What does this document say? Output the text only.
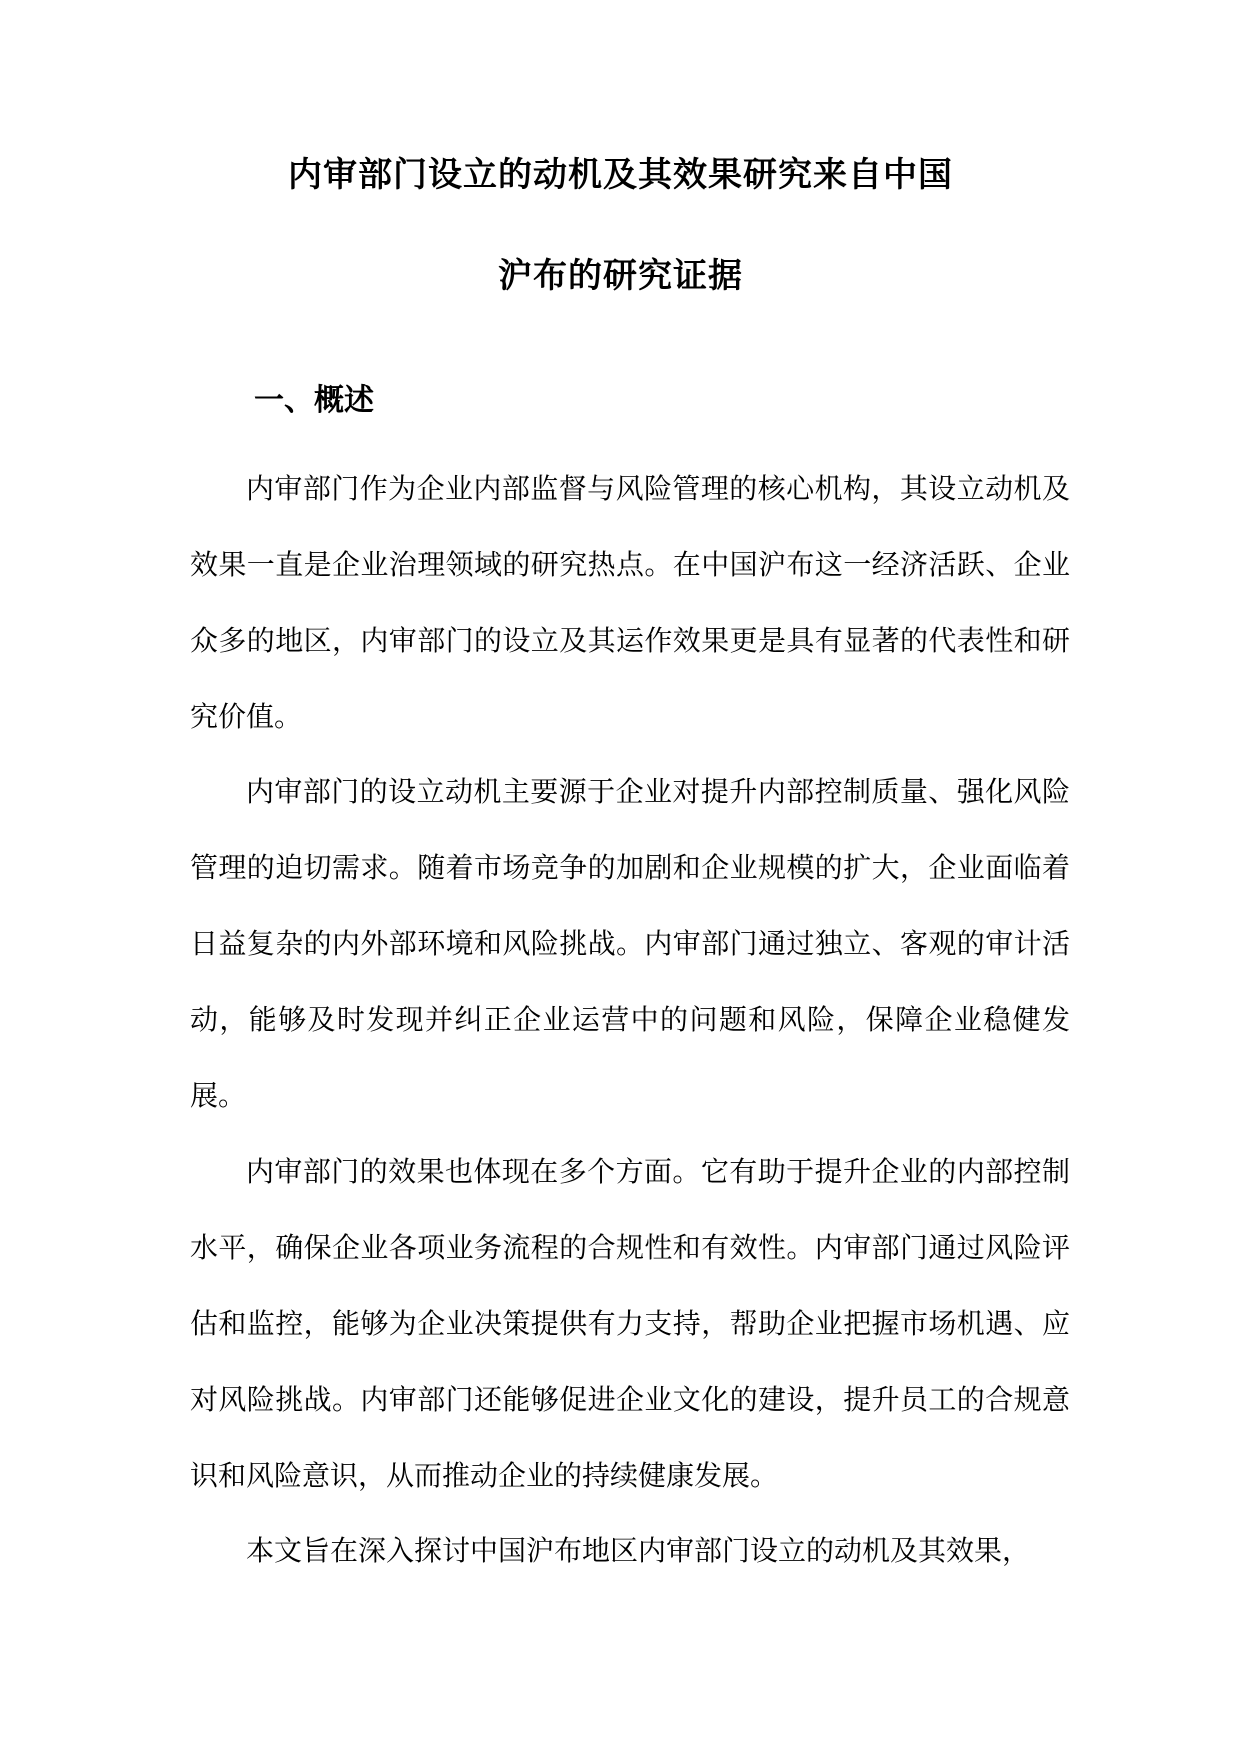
内审部门设立的动机及其效果研究来自中国
沪布的研究证据
一、概述

内审部门作为企业内部监督与风险管理的核心机构，其设立动机及效果一直是企业治理领域的研究热点。在中国沪布这一经济活跃、企业众多的地区，内审部门的设立及其运作效果更是具有显著的代表性和研究价值。

内审部门的设立动机主要源于企业对提升内部控制质量、强化风险管理的迫切需求。随着市场竞争的加剧和企业规模的扩大，企业面临着日益复杂的内外部环境和风险挑战。内审部门通过独立、客观的审计活动，能够及时发现并纠正企业运营中的问题和风险，保障企业稳健发展。

内审部门的效果也体现在多个方面。它有助于提升企业的内部控制水平，确保企业各项业务流程的合规性和有效性。内审部门通过风险评估和监控，能够为企业决策提供有力支持，帮助企业把握市场机遇、应对风险挑战。内审部门还能够促进企业文化的建设，提升员工的合规意识和风险意识，从而推动企业的持续健康发展。

本文旨在深入探讨中国沪布地区内审部门设立的动机及其效果，
